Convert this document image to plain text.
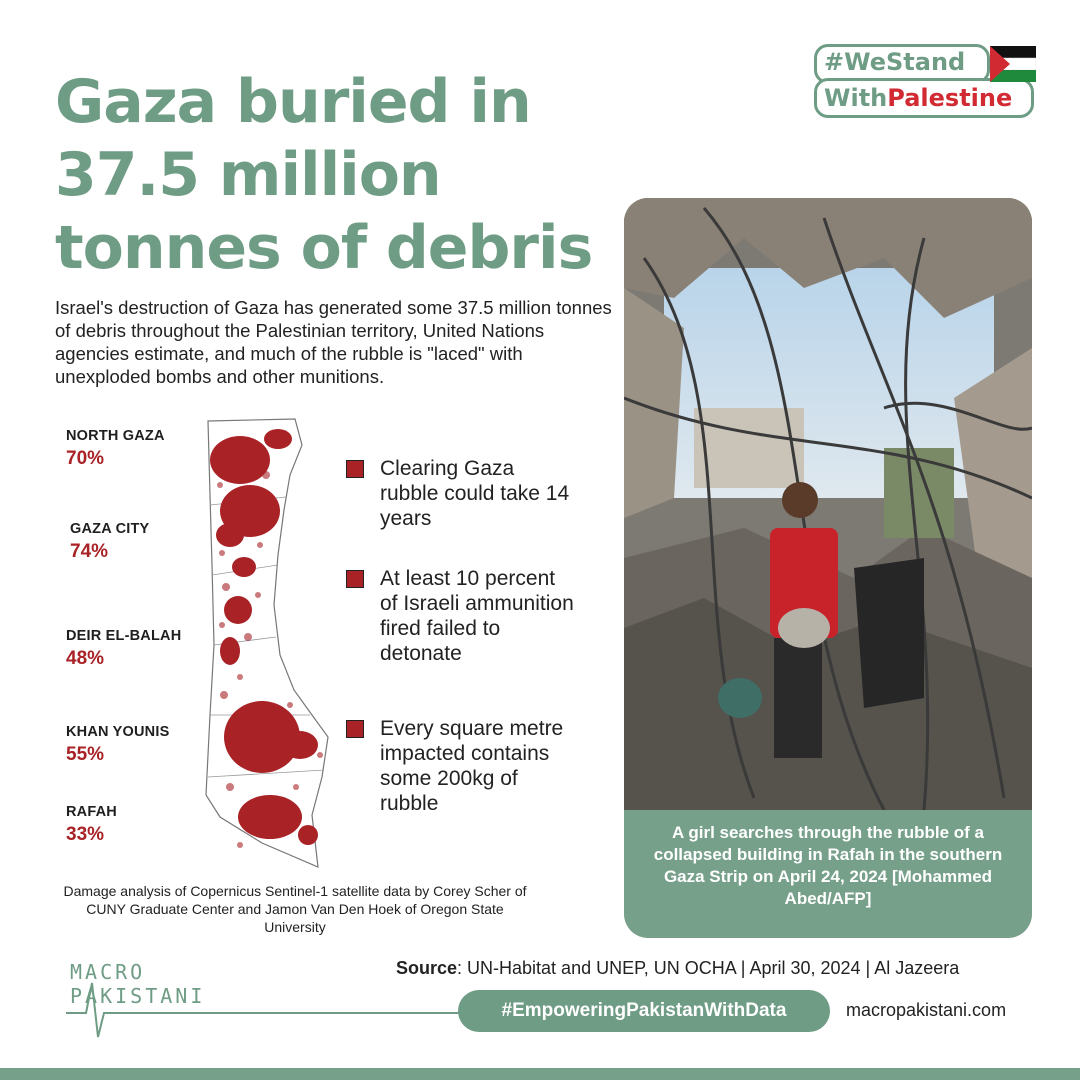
#WeStand
WithPalestine
Gaza buried in 37.5 million tonnes of debris

Israel's destruction of Gaza has generated some 37.5 million tonnes of debris throughout the Palestinian territory, United Nations agencies estimate, and much of the rubble is "laced" with unexploded bombs and other munitions.

NORTH GAZA
70%
GAZA CITY
74%
DEIR EL-BALAH
48%
KHAN YOUNIS
55%
RAFAH
33%
Clearing Gaza rubble could take 14 years
At least 10 percent of Israeli ammunition fired failed to detonate
Every square metre impacted contains some 200kg of rubble

Damage analysis of Copernicus Sentinel-1 satellite data by Corey Scher of CUNY Graduate Center and Jamon Van Den Hoek of Oregon State University

A girl searches through the rubble of a collapsed building in Rafah in the southern Gaza Strip on April 24, 2024 [Mohammed Abed/AFP]

MACRO
PAKISTANI
Source: UN-Habitat and UNEP, UN OCHA | April 30, 2024 | Al Jazeera
#EmpoweringPakistanWithData	macropakistani.com
